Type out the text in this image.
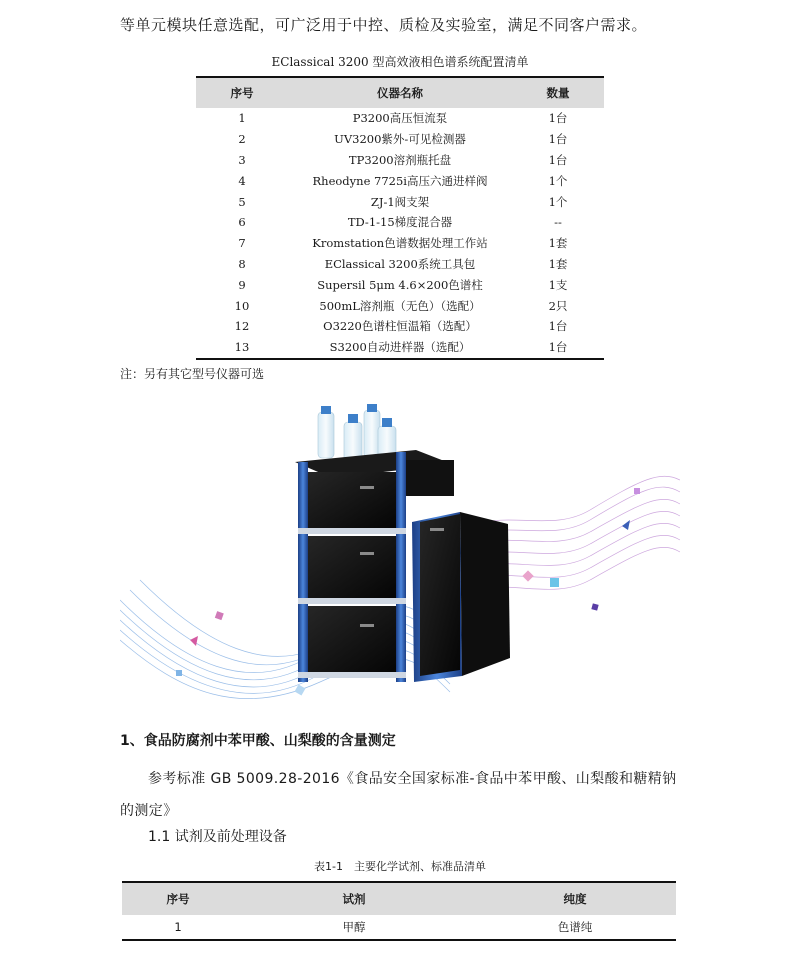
等单元模块任意选配，可广泛用于中控、质检及实验室，满足不同客户需求。

EClassical 3200 型高效液相色谱系统配置清单

序号	仪器名称	数量
1	P3200高压恒流泵	1台
2	UV3200紫外-可见检测器	1台
3	TP3200溶剂瓶托盘	1台
4	Rheodyne 7725i高压六通进样阀	1个
5	ZJ-1阀支架	1个
6	TD-1-15梯度混合器	--
7	Kromstation色谱数据处理工作站	1套
8	EClassical 3200系统工具包	1套
9	Supersil 5μm 4.6×200色谱柱	1支
10	500mL溶剂瓶（无色）（选配）	2只
12	O3220色谱柱恒温箱（选配）	1台
13	S3200自动进样器（选配）	1台

注：另有其它型号仪器可选

1、食品防腐剂中苯甲酸、山梨酸的含量测定

参考标准 GB 5009.28-2016《食品安全国家标准-食品中苯甲酸、山梨酸和糖精钠的测定》

1.1 试剂及前处理设备

表1-1　主要化学试剂、标准品清单

序号	试剂	纯度
1	甲醇	色谱纯
